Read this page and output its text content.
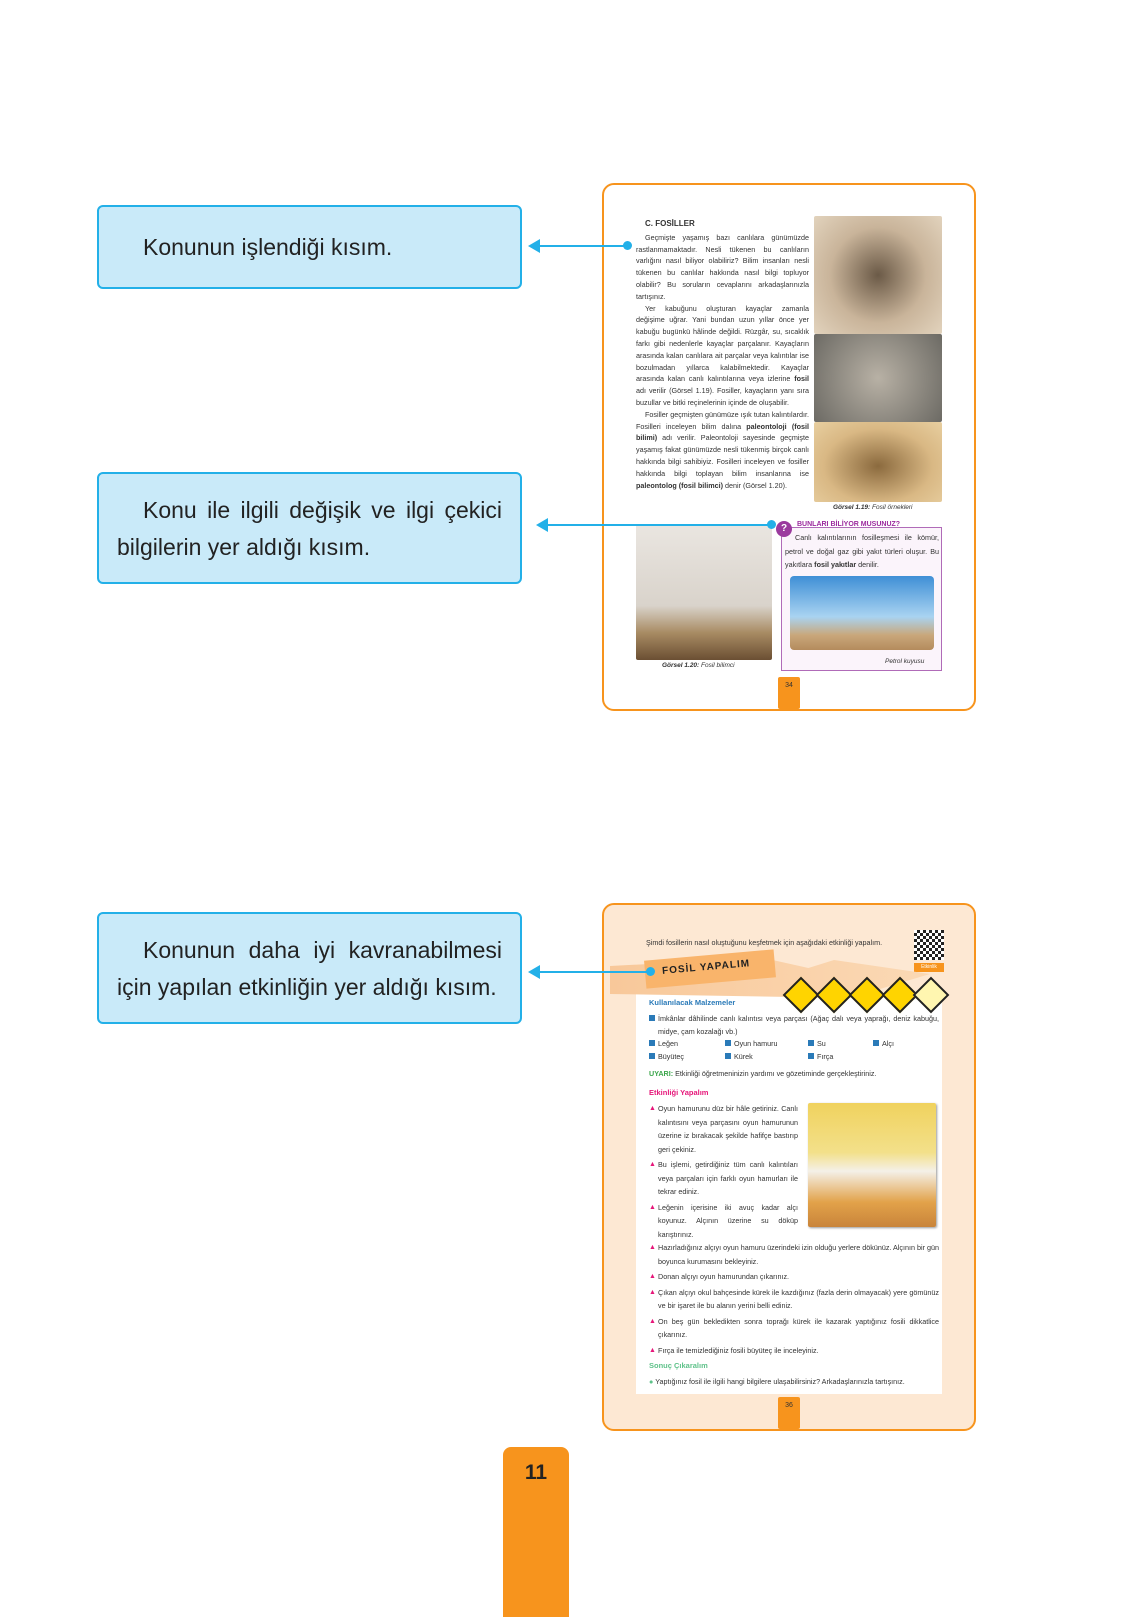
Konunun işlendiği kısım.
Konu ile ilgili değişik ve ilgi çekici bilgilerin yer aldığı kısım.
Konunun daha iyi kavranabilmesi için yapılan etkinliğin yer aldığı kısım.
C. FOSİLLER

Geçmişte yaşamış bazı canlılara günümüzde rastlanmamaktadır. Nesli tükenen bu canlıların varlığını nasıl biliyor olabiliriz? Bilim insanları nesli tükenen bu canlılar hakkında nasıl bilgi topluyor olabilir? Bu soruların cevaplarını arkadaşlarınızla tartışınız.

Yer kabuğunu oluşturan kayaçlar zamanla değişime uğrar. Yani bundan uzun yıllar önce yer kabuğu bugünkü hâlinde değildi. Rüzgâr, su, sıcaklık farkı gibi nedenlerle kayaçlar parçalanır. Kayaçların arasında kalan canlılara ait parçalar veya kalıntılar ise bozulmadan yıllarca kalabilmektedir. Kayaçlar arasında kalan canlı kalıntılarına veya izlerine fosil adı verilir (Görsel 1.19). Fosiller, kayaçların yanı sıra buzullar ve bitki reçinelerinin içinde de oluşabilir.

Fosiller geçmişten günümüze ışık tutan kalıntılardır. Fosilleri inceleyen bilim dalına paleontoloji (fosil bilimi) adı verilir. Paleontoloji sayesinde geçmişte yaşamış fakat günümüzde nesli tükenmiş birçok canlı hakkında bilgi sahibiyiz. Fosilleri inceleyen ve fosiller hakkında bilgi toplayan bilim insanlarına ise paleontolog (fosil bilimci) denir (Görsel 1.20).

Görsel 1.19: Fosil örnekleri
Görsel 1.20: Fosil bilimci
?	BUNLARI BİLİYOR MUSUNUZ?
Canlı kalıntılarının fosilleşmesi ile kömür, petrol ve doğal gaz gibi yakıt türleri oluşur. Bu yakıtlara fosil yakıtlar denilir.
Petrol kuyusu
34
Şimdi fosillerin nasıl oluştuğunu keşfetmek için aşağıdaki etkinliği yapalım.
Etkinlik
FOSİL YAPALIM
Kullanılacak Malzemeler
İmkânlar dâhilinde canlı kalıntısı veya parçası (Ağaç dalı veya yaprağı, deniz kabuğu, midye, çam kozalağı vb.)
Leğen	Oyun hamuru	Su	Alçı
Büyüteç	Kürek	Fırça
UYARI: Etkinliği öğretmeninizin yardımı ve gözetiminde gerçekleştiriniz.
Etkinliği Yapalım
▲ Oyun hamurunu düz bir hâle getiriniz. Canlı kalıntısını veya parçasını oyun hamurunun üzerine iz bırakacak şekilde hafifçe bastırıp geri çekiniz.
▲ Bu işlemi, getirdiğiniz tüm canlı kalıntıları veya parçaları için farklı oyun hamurları ile tekrar ediniz.
▲ Leğenin içerisine iki avuç kadar alçı koyunuz. Alçının üzerine su döküp karıştırınız.
▲ Hazırladığınız alçıyı oyun hamuru üzerindeki izin olduğu yerlere dökünüz. Alçının bir gün boyunca kurumasını bekleyiniz.
▲ Donan alçıyı oyun hamurundan çıkarınız.
▲ Çıkan alçıyı okul bahçesinde kürek ile kazdığınız (fazla derin olmayacak) yere gömünüz ve bir işaret ile bu alanın yerini belli ediniz.
▲ On beş gün bekledikten sonra toprağı kürek ile kazarak yaptığınız fosili dikkatlice çıkarınız.
▲ Fırça ile temizlediğiniz fosili büyüteç ile inceleyiniz.
Sonuç Çıkaralım
● Yaptığınız fosil ile ilgili hangi bilgilere ulaşabilirsiniz? Arkadaşlarınızla tartışınız.
36
11
